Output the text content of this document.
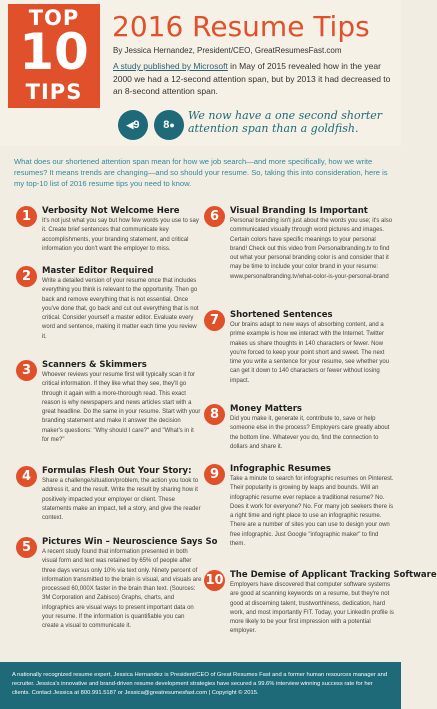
TOP
10
TIPS
2016 Resume Tips
By Jessica Hernandez, President/CEO, GreatResumesFast.com
A study published by Microsoft in May of 2015 revealed how in the year 2000 we had a 12-second attention span, but by 2013 it had decreased to an 8-second attention span.
◀9	8●
We now have a one second shorter attention span than a goldfish.
What does our shortened attention span mean for how we job search—and more specifically, how we write resumes? It means trends are changing—and so should your resume. So, taking this into consideration, here is my top-10 list of 2016 resume tips you need to know.
1	Verbosity Not Welcome Here

It's not just what you say but how few words you use to say it. Create brief sentences that communicate key accomplishments, your branding statement, and critical information you don't want the employer to miss.

2	Master Editor Required

Write a detailed version of your resume once that includes everything you think is relevant to the opportunity. Then go back and remove everything that is not essential. Once you've done that, go back and cut out everything that is not critical. Consider yourself a master editor. Evaluate every word and sentence, making it matter each time you review it.

3	Scanners & Skimmers

Whoever reviews your resume first will typically scan it for critical information. If they like what they see, they'll go through it again with a more-thorough read. This exact reason is why newspapers and news articles start with a great headline. Do the same in your resume. Start with your branding statement and make it answer the decision maker's questions: "Why should I care?" and "What's in it for me?"

4	Formulas Flesh Out Your Story:

Share a challenge/situation/problem, the action you took to address it, and the result. Write the result by sharing how it positively impacted your employer or client. These statements make an impact, tell a story, and give the reader context.

5	Pictures Win – Neuroscience Says So

A recent study found that information presented in both visual form and text was retained by 65% of people after three days versus only 10% via text only. Ninety percent of information transmitted to the brain is visual, and visuals are processed 60,000X faster in the brain than text. (Sources: 3M Corporation and Zabisco) Graphs, charts, and infographics are visual ways to present important data on your resume. If the information is quantifiable you can create a visual to communicate it.

6	Visual Branding Is Important

Personal branding isn't just about the words you use; it's also communicated visually through word pictures and images. Certain colors have specific meanings to your personal brand! Check out this video from Personalbranding.tv to find out what your personal branding color is and consider that it may be time to include your color brand in your resume: www.personalbranding.tv/what-color-is-your-personal-brand

7	Shortened Sentences

Our brains adapt to new ways of absorbing content, and a prime example is how we interact with the Internet. Twitter makes us share thoughts in 140 characters or fewer. Now you're forced to keep your point short and sweet. The next time you write a sentence for your resume, see whether you can get it down to 140 characters or fewer without losing impact.

8	Money Matters

Did you make it, generate it, contribute to, save or help someone else in the process? Employers care greatly about the bottom line. Whatever you do, find the connection to dollars and share it.

9	Infographic Resumes

Take a minute to search for infographic resumes on Pinterest. Their popularity is growing by leaps and bounds. Will an infographic resume ever replace a traditional resume? No. Does it work for everyone? No. For many job seekers there is a right time and right place to use an infographic resume. There are a number of sites you can use to design your own free infographic. Just Google "infographic maker" to find them.

10 The Demise of Applicant Tracking Software

Employers have discovered that computer software systems are good at scanning keywords on a resume, but they're not good at discerning talent, trustworthiness, dedication, hard work, and most importantly FIT. Today, your LinkedIn profile is more likely to be your first impression with a potential employer.

A nationally recognized resume expert, Jessica Hernandez is President/CEO of Great Resumes Fast and a former human resources manager and recruiter. Jessica's innovative and brand-driven resume development strategies have secured a 99.6% interview winning success rate for her clients. Contact Jessica at 800.991.5187 or Jessica@greatresumesfast.com | Copyright © 2015.
